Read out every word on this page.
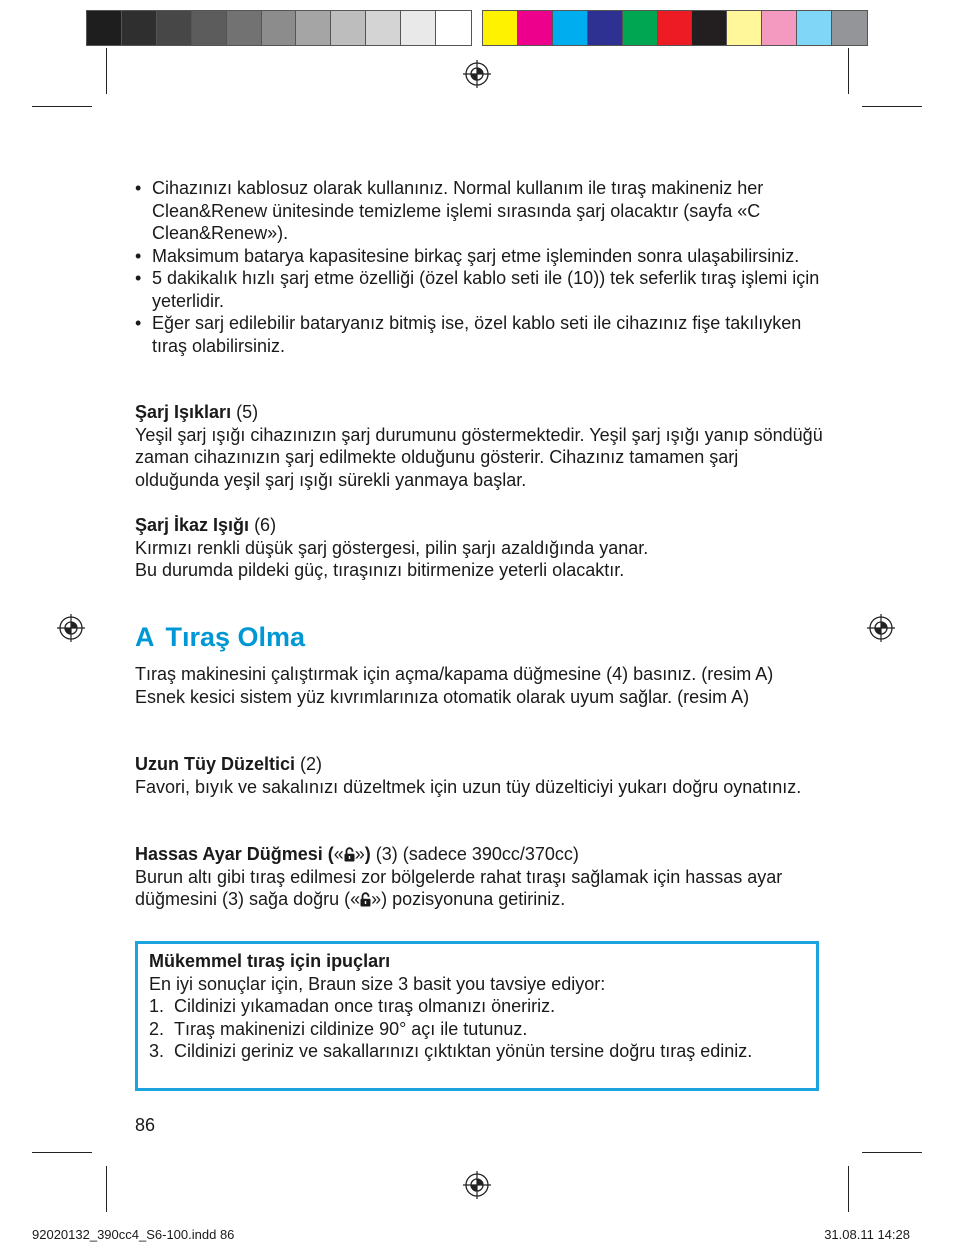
• Cihazınızı kablosuz olarak kullanınız. Normal kullanım ile tıraş makineniz her Clean&Renew ünitesinde temizleme işlemi sırasında şarj olacaktır (sayfa «C Clean&Renew»).
• Maksimum batarya kapasitesine birkaç şarj etme işleminden sonra ulaşabilirsiniz.
• 5 dakikalık hızlı şarj etme özelliği (özel kablo seti ile (10)) tek seferlik tıraş işlemi için yeterlidir.
• Eğer sarj edilebilir bataryanız bitmiş ise, özel kablo seti ile cihazınız fişe takılıyken tıraş olabilirsiniz.

Şarj Işıkları (5)

Yeşil şarj ışığı cihazınızın şarj durumunu göstermektedir. Yeşil şarj ışığı yanıp söndüğü zaman cihazınızın şarj edilmekte olduğunu gösterir. Cihazınız tamamen şarj olduğunda yeşil şarj ışığı sürekli yanmaya başlar.

Şarj İkaz Işığı (6)

Kırmızı renkli düşük şarj göstergesi, pilin şarjı azaldığında yanar.

Bu durumda pildeki güç, tıraşınızı bitirmenize yeterli olacaktır.

A Tıraş Olma

Tıraş makinesini çalıştırmak için açma/kapama düğmesine (4) basınız. (resim A)

Esnek kesici sistem yüz kıvrımlarınıza otomatik olarak uyum sağlar. (resim A)

Uzun Tüy Düzeltici (2)

Favori, bıyık ve sakalınızı düzeltmek için uzun tüy düzelticiyi yukarı doğru oynatınız.

Hassas Ayar Düğmesi (« ») (3) (sadece 390cc/370cc)

Burun altı gibi tıraş edilmesi zor bölgelerde rahat tıraşı sağlamak için hassas ayar düğmesini (3) sağa doğru (« ») pozisyonuna getiriniz.

Mükemmel tıraş için ipuçları

En iyi sonuçlar için, Braun size 3 basit you tavsiye ediyor:

1. Cildinizi yıkamadan once tıraş olmanızı öneririz.
2. Tıraş makinenizi cildinize 90° açı ile tutunuz.
3. Cildinizi geriniz ve sakallarınızı çıktıktan yönün tersine doğru tıraş ediniz.
86
92020132_390cc4_S6-100.indd 86	31.08.11 14:28
